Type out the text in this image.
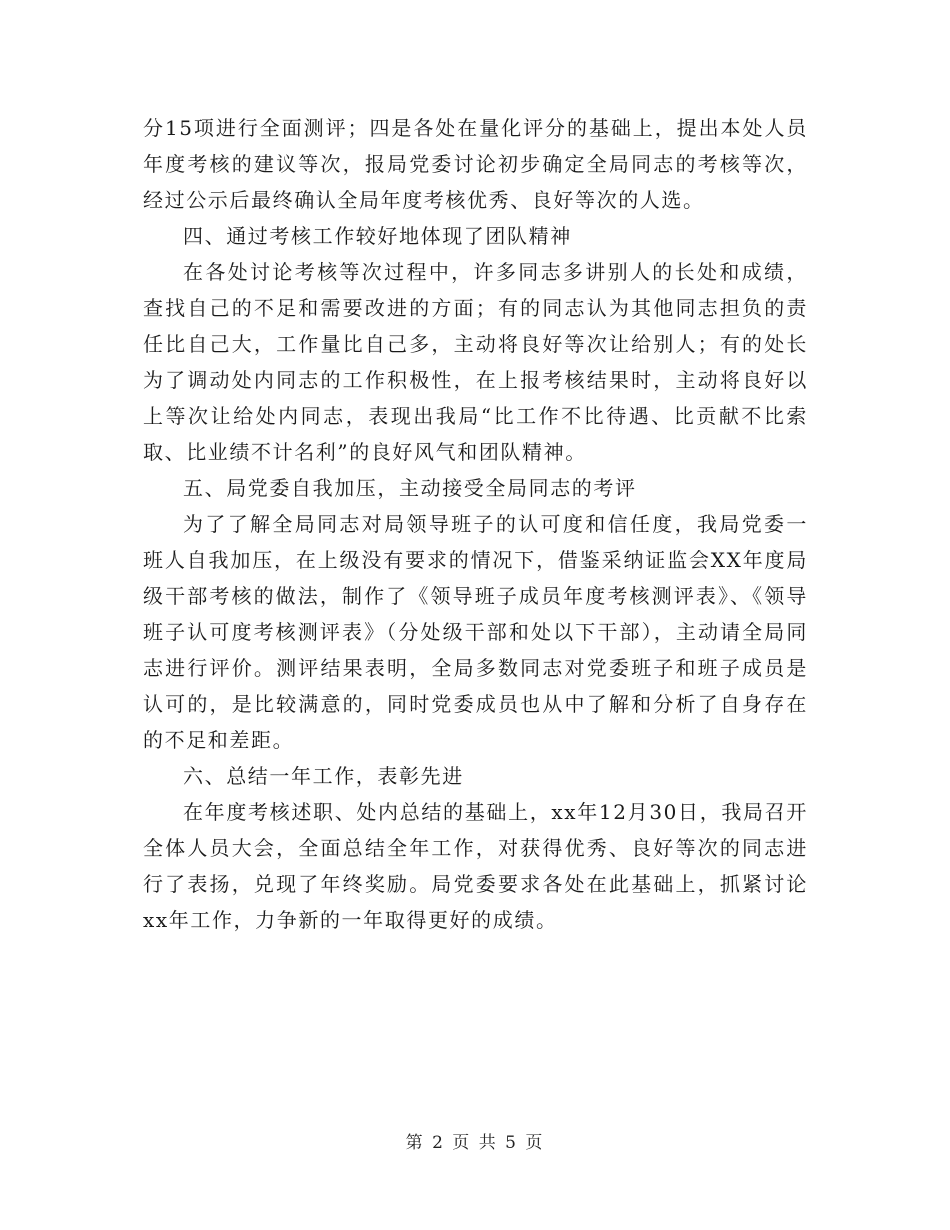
分15项进行全面测评；四是各处在量化评分的基础上，提出本处人员年度考核的建议等次，报局党委讨论初步确定全局同志的考核等次，经过公示后最终确认全局年度考核优秀、良好等次的人选。

四、通过考核工作较好地体现了团队精神

在各处讨论考核等次过程中，许多同志多讲别人的长处和成绩，查找自己的不足和需要改进的方面；有的同志认为其他同志担负的责任比自己大，工作量比自己多，主动将良好等次让给别人；有的处长为了调动处内同志的工作积极性，在上报考核结果时，主动将良好以上等次让给处内同志，表现出我局“比工作不比待遇、比贡献不比索取、比业绩不计名利”的良好风气和团队精神。

五、局党委自我加压，主动接受全局同志的考评

为了了解全局同志对局领导班子的认可度和信任度，我局党委一班人自我加压，在上级没有要求的情况下，借鉴采纳证监会XX年度局级干部考核的做法，制作了《领导班子成员年度考核测评表》、《领导班子认可度考核测评表》（分处级干部和处以下干部），主动请全局同志进行评价。测评结果表明，全局多数同志对党委班子和班子成员是认可的，是比较满意的，同时党委成员也从中了解和分析了自身存在的不足和差距。

六、总结一年工作，表彰先进

在年度考核述职、处内总结的基础上，xx年12月30日，我局召开全体人员大会，全面总结全年工作，对获得优秀、良好等次的同志进行了表扬，兑现了年终奖励。局党委要求各处在此基础上，抓紧讨论xx年工作，力争新的一年取得更好的成绩。

第 2 页 共 5 页
